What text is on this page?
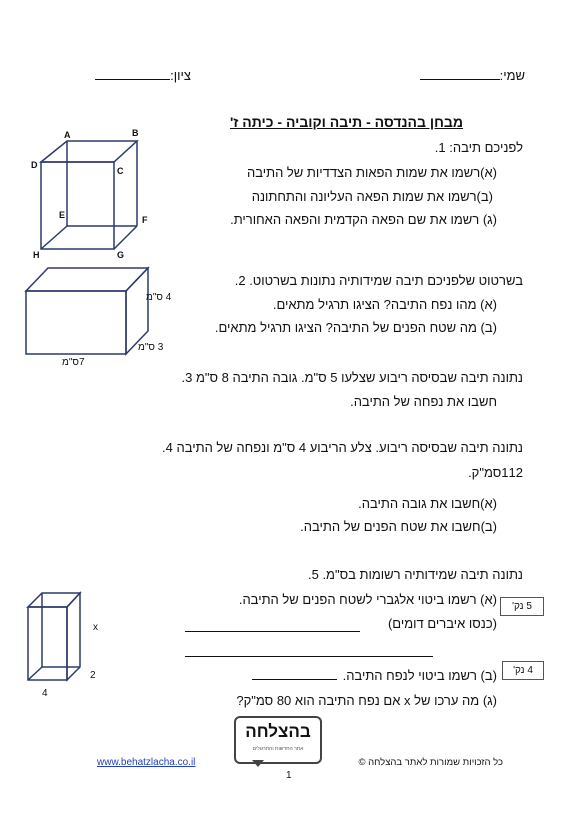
שמי:
ציון:
מבחן בהנדסה - תיבה וקוביה - כיתה ז'
לפניכם תיבה: 1.
(א)רשמו את שמות הפאות הצדדיות של התיבה
(ב)רשמו את שמות הפאה העליונה והתחתונה
(ג) רשמו את שם הפאה הקדמית והפאה האחורית.
A	B
C
D
E	F
G
H
בשרטוט שלפניכם תיבה שמידותיה נתונות בשרטוט. 2.
(א) מהו נפח התיבה? הציגו תרגיל מתאים.
(ב) מה שטח הפנים של התיבה? הציגו תרגיל מתאים.
4 ס"מ
3 ס"מ
7ס"מ
נתונה תיבה שבסיסה ריבוע שצלעו 5 ס"מ. גובה התיבה 8 ס"מ 3.
חשבו את נפחה של התיבה.
נתונה תיבה שבסיסה ריבוע. צלע הריבוע 4 ס"מ ונפחה של התיבה 4.
112סמ"ק.
(א)חשבו את גובה התיבה.
(ב)חשבו את שטח הפנים של התיבה.
נתונה תיבה שמידותיה רשומות בס"מ. 5.
(א) רשמו ביטוי אלגברי לשטח הפנים של התיבה.
(כנסו איברים דומים)
(ב) רשמו ביטוי לנפח התיבה.
(ג) מה ערכו של x אם נפח התיבה הוא 80 סמ"ק?
x
2
4
5 נק'
4 נק'
בהצלחה
אתר החדשות והתרגולים
כל הזכויות שמורות לאתר בהצלחה ©
www.behatzlacha.co.il
1
